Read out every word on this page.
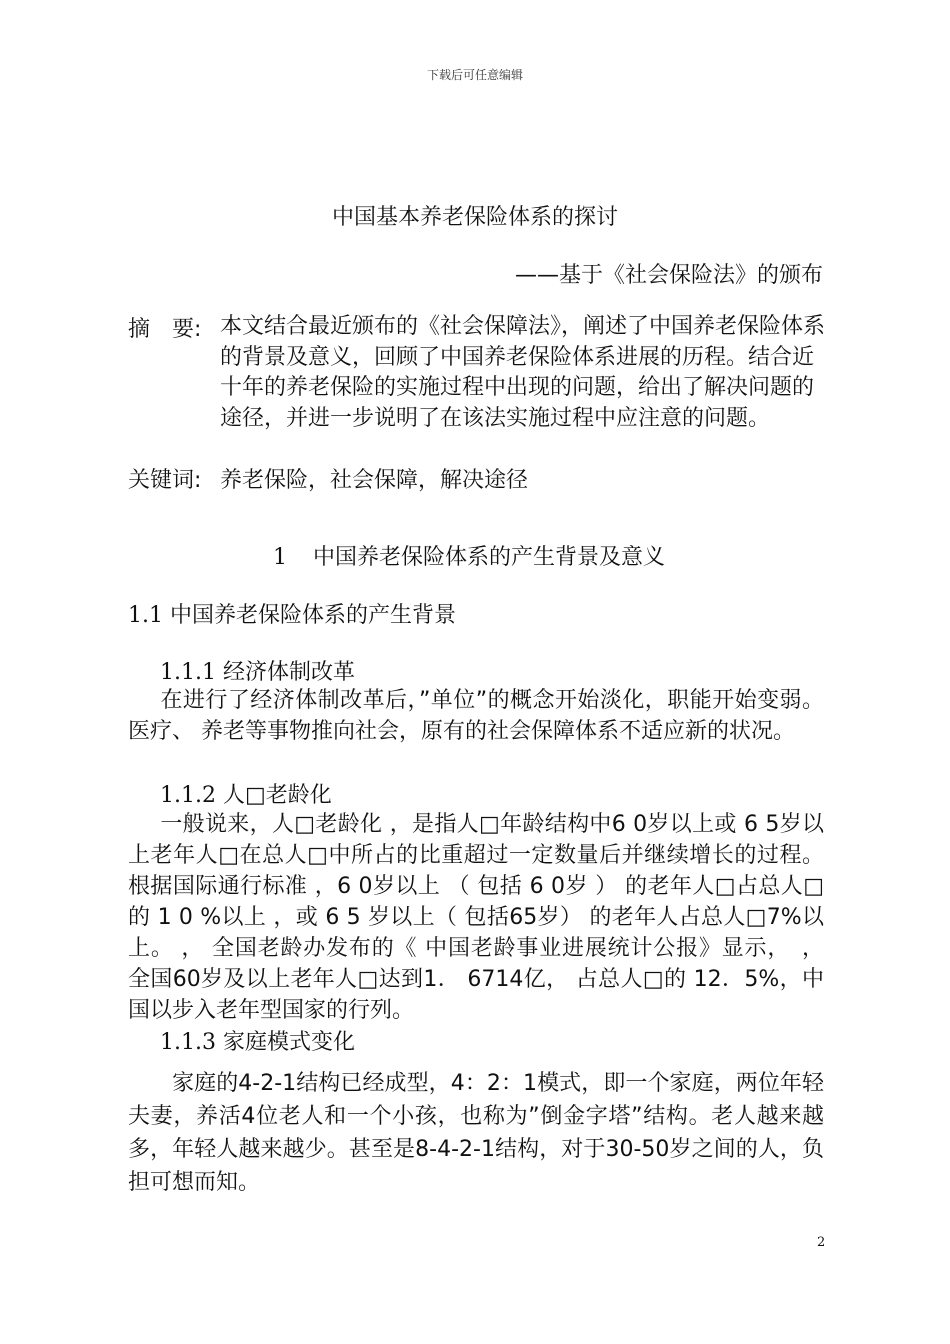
下载后可任意编辑
中国基本养老保险体系的探讨
——基于《社会保险法》的颁布
摘　要: 本文结合最近颁布的《社会保障法》，阐述了中国养老保险体系的背景及意义，回顾了中国养老保险体系进展的历程。结合近十年的养老保险的实施过程中出现的问题，给出了解决问题的途径，并进一步说明了在该法实施过程中应注意的问题。
关键词: 养老保险，社会保障，解决途径
1 中国养老保险体系的产生背景及意义
1.1 中国养老保险体系的产生背景
1.1.1 经济体制改革
在进行了经济体制改革后，”单位”的概念开始淡化，职能开始变弱。医疗、 养老等事物推向社会，原有的社会保障体系不适应新的状况。
1.1.2 人□老龄化
一般说来，人□老龄化 ，是指人□年龄结构中6 0岁以上或 6 5岁以上老年人□在总人□中所占的比重超过一定数量后并继续增长的过程。根据国际通行标准 ，6 0岁以上 （ 包括 6 0岁 ） 的老年人□占总人□的 1 0 %以上 ，或 6 5 岁以上（ 包括65岁） 的老年人占总人□7%以上。 ， 全国老龄办发布的《 中国老龄事业进展统计公报》显示，　， 全国60岁及以上老年人□达到1． 6714亿， 占总人□的 12．5%，中国以步入老年型国家的行列。
1.1.3 家庭模式变化
家庭的4-2-1结构已经成型，4：2：1模式，即一个家庭，两位年轻夫妻，养活4位老人和一个小孩，也称为”倒金字塔”结构。老人越来越多，年轻人越来越少。甚至是8-4-2-1结构，对于30-50岁之间的人，负担可想而知。
2
